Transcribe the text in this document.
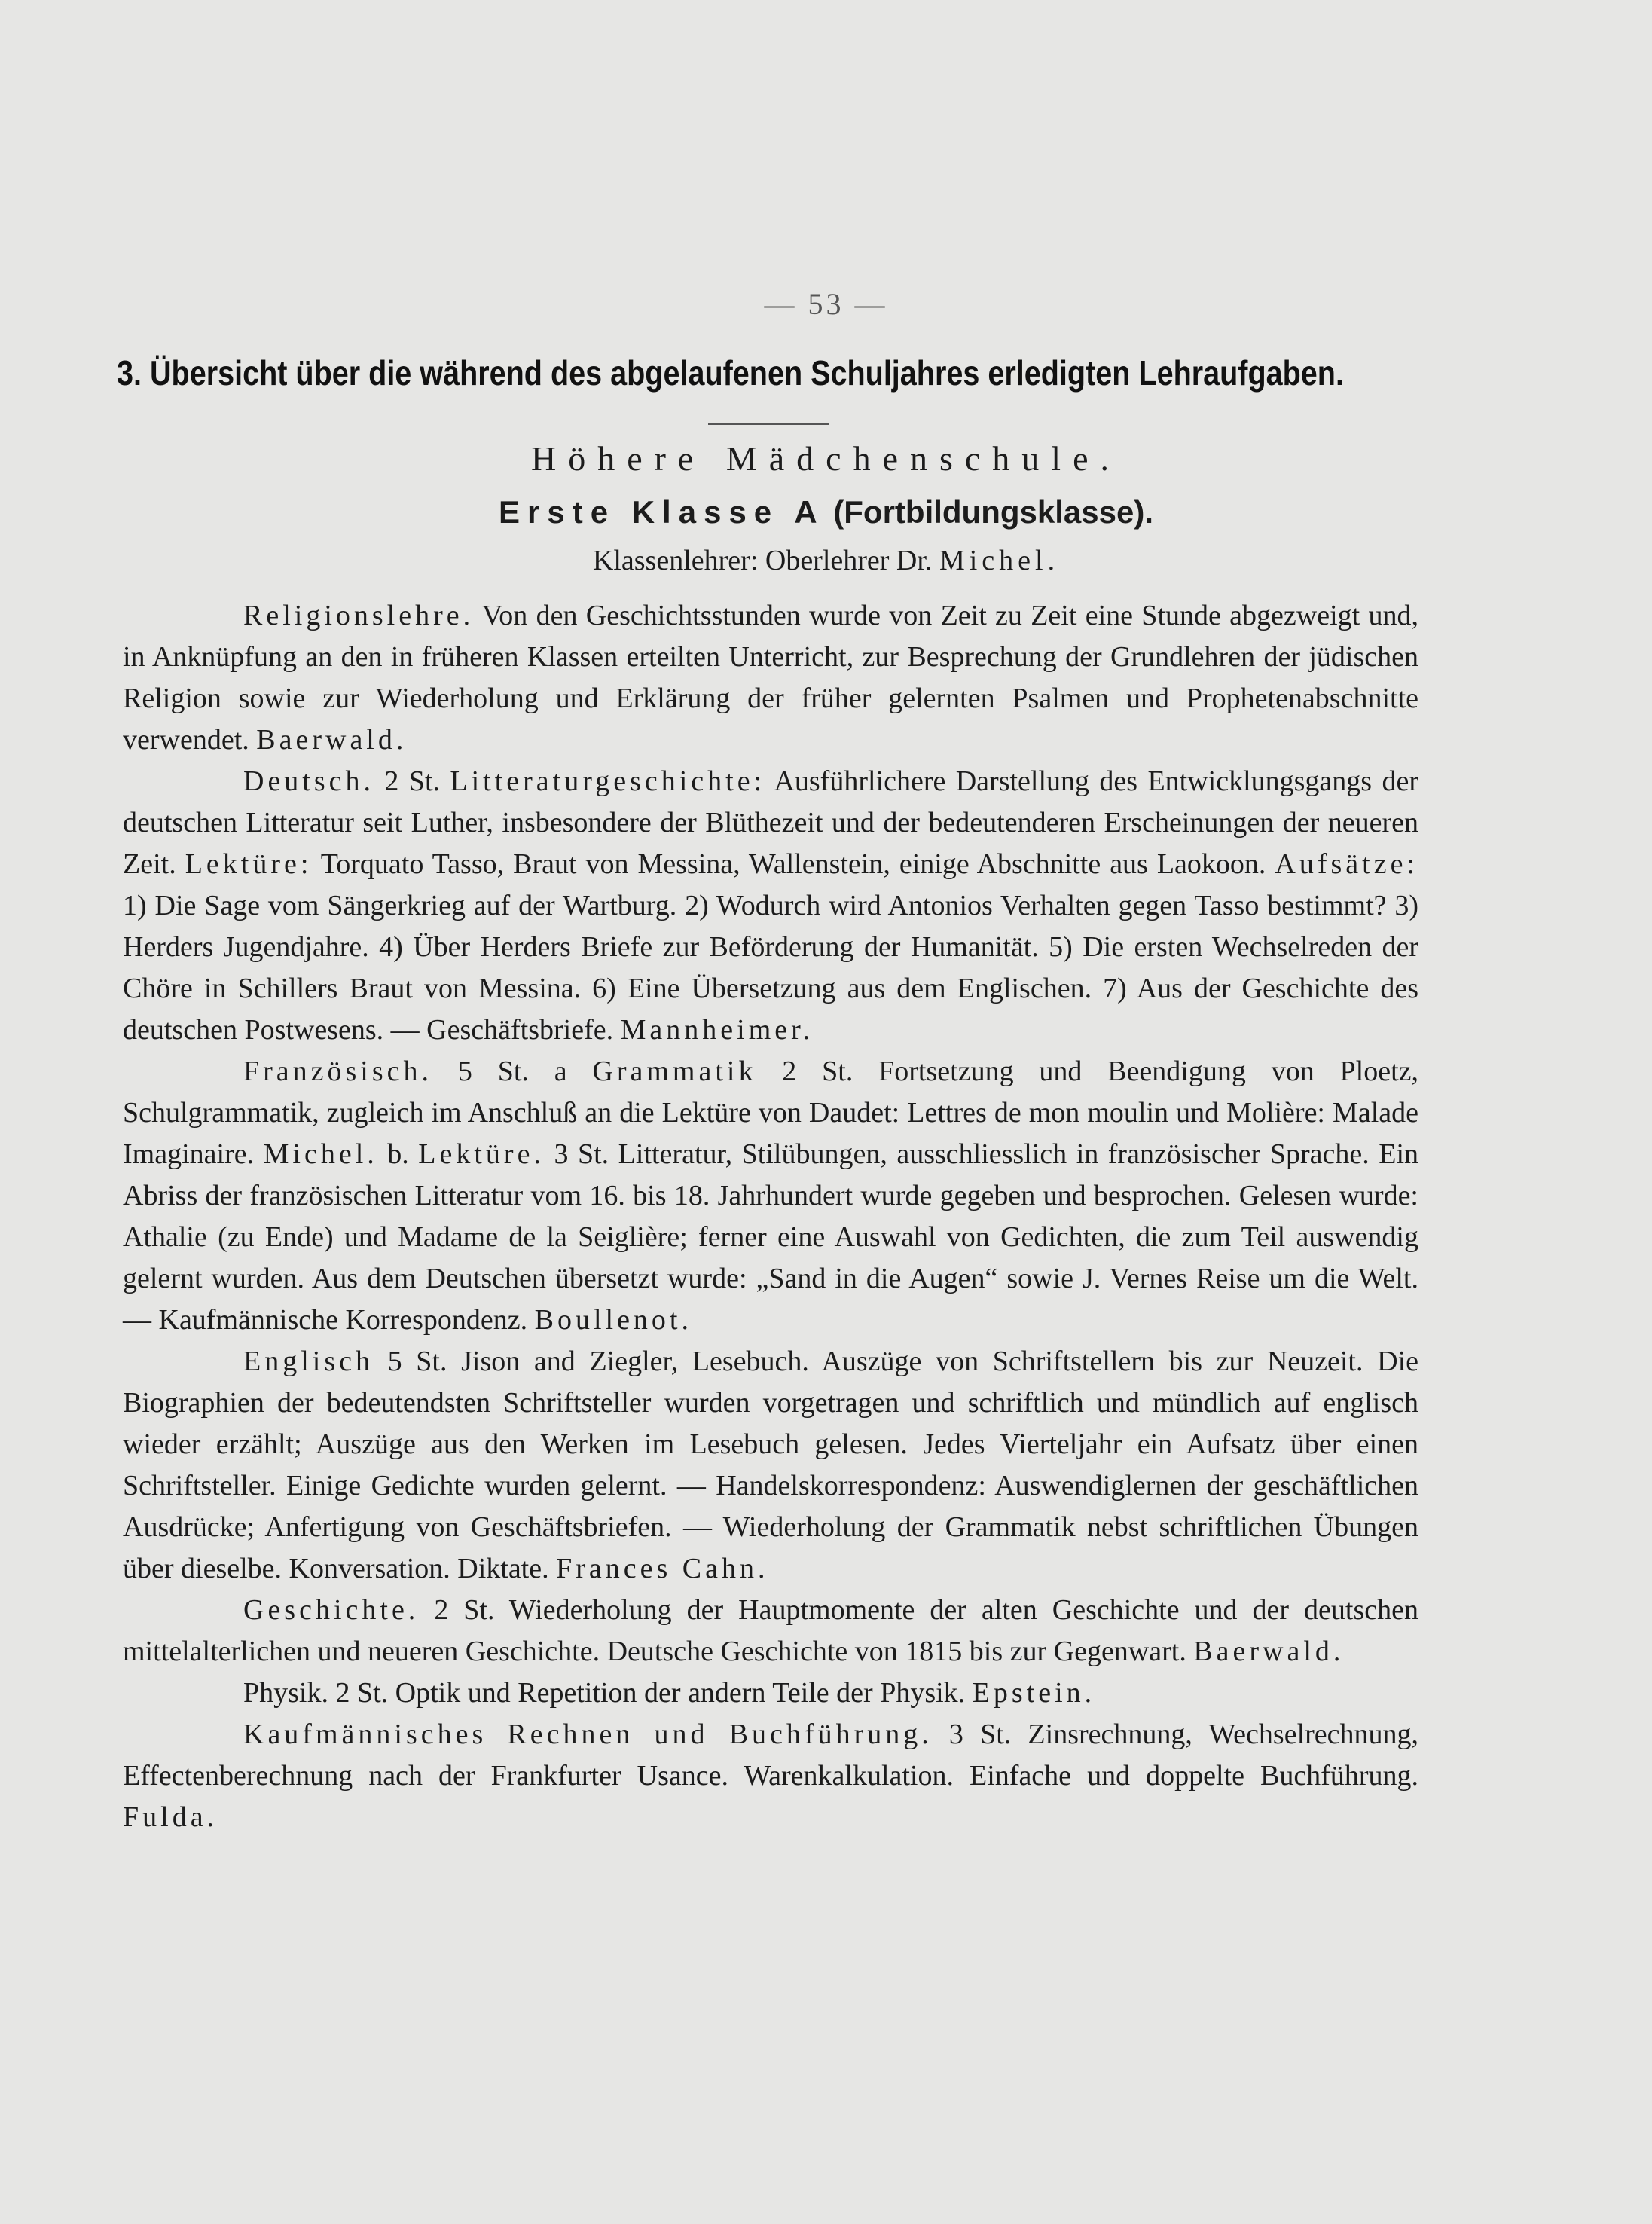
— 53 —
3. Übersicht über die während des abgelaufenen Schuljahres erledigten Lehraufgaben.
Höhere Mädchenschule.
Erste Klasse A (Fortbildungsklasse).
Klassenlehrer: Oberlehrer Dr. Michel.

Religionslehre. Von den Geschichtsstunden wurde von Zeit zu Zeit eine Stunde abgezweigt und, in Anknüpfung an den in früheren Klassen erteilten Unterricht, zur Besprechung der Grundlehren der jüdischen Religion sowie zur Wiederholung und Erklärung der früher gelernten Psalmen und Prophetenabschnitte verwendet. Baerwald.

Deutsch. 2 St. Litteraturgeschichte: Ausführlichere Darstellung des Entwicklungsgangs der deutschen Litteratur seit Luther, insbesondere der Blüthezeit und der bedeutenderen Erscheinungen der neueren Zeit. Lektüre: Torquato Tasso, Braut von Messina, Wallenstein, einige Abschnitte aus Laokoon. Aufsätze: 1) Die Sage vom Sängerkrieg auf der Wartburg. 2) Wodurch wird Antonios Verhalten gegen Tasso bestimmt? 3) Herders Jugendjahre. 4) Über Herders Briefe zur Beförderung der Humanität. 5) Die ersten Wechselreden der Chöre in Schillers Braut von Messina. 6) Eine Übersetzung aus dem Englischen. 7) Aus der Geschichte des deutschen Postwesens. — Geschäftsbriefe. Mannheimer.

Französisch. 5 St. a Grammatik 2 St. Fortsetzung und Beendigung von Ploetz, Schulgrammatik, zugleich im Anschluß an die Lektüre von Daudet: Lettres de mon moulin und Molière: Malade Imaginaire. Michel. b. Lektüre. 3 St. Litteratur, Stilübungen, ausschliesslich in französischer Sprache. Ein Abriss der französischen Litteratur vom 16. bis 18. Jahrhundert wurde gegeben und besprochen. Gelesen wurde: Athalie (zu Ende) und Madame de la Seiglière; ferner eine Auswahl von Gedichten, die zum Teil auswendig gelernt wurden. Aus dem Deutschen übersetzt wurde: „Sand in die Augen“ sowie J. Vernes Reise um die Welt. — Kaufmännische Korrespondenz. Boullenot.

Englisch 5 St. Jison and Ziegler, Lesebuch. Auszüge von Schriftstellern bis zur Neuzeit. Die Biographien der bedeutendsten Schriftsteller wurden vorgetragen und schriftlich und mündlich auf englisch wieder erzählt; Auszüge aus den Werken im Lesebuch gelesen. Jedes Vierteljahr ein Aufsatz über einen Schriftsteller. Einige Gedichte wurden gelernt. — Handelskorrespondenz: Auswendiglernen der geschäftlichen Ausdrücke; Anfertigung von Geschäftsbriefen. — Wiederholung der Grammatik nebst schriftlichen Übungen über dieselbe. Konversation. Diktate. Frances Cahn.

Geschichte. 2 St. Wiederholung der Hauptmomente der alten Geschichte und der deutschen mittelalterlichen und neueren Geschichte. Deutsche Geschichte von 1815 bis zur Gegenwart. Baerwald.

Physik. 2 St. Optik und Repetition der andern Teile der Physik. Epstein.

Kaufmännisches Rechnen und Buchführung. 3 St. Zinsrechnung, Wechselrechnung, Effectenberechnung nach der Frankfurter Usance. Warenkalkulation. Einfache und doppelte Buchführung. Fulda.
